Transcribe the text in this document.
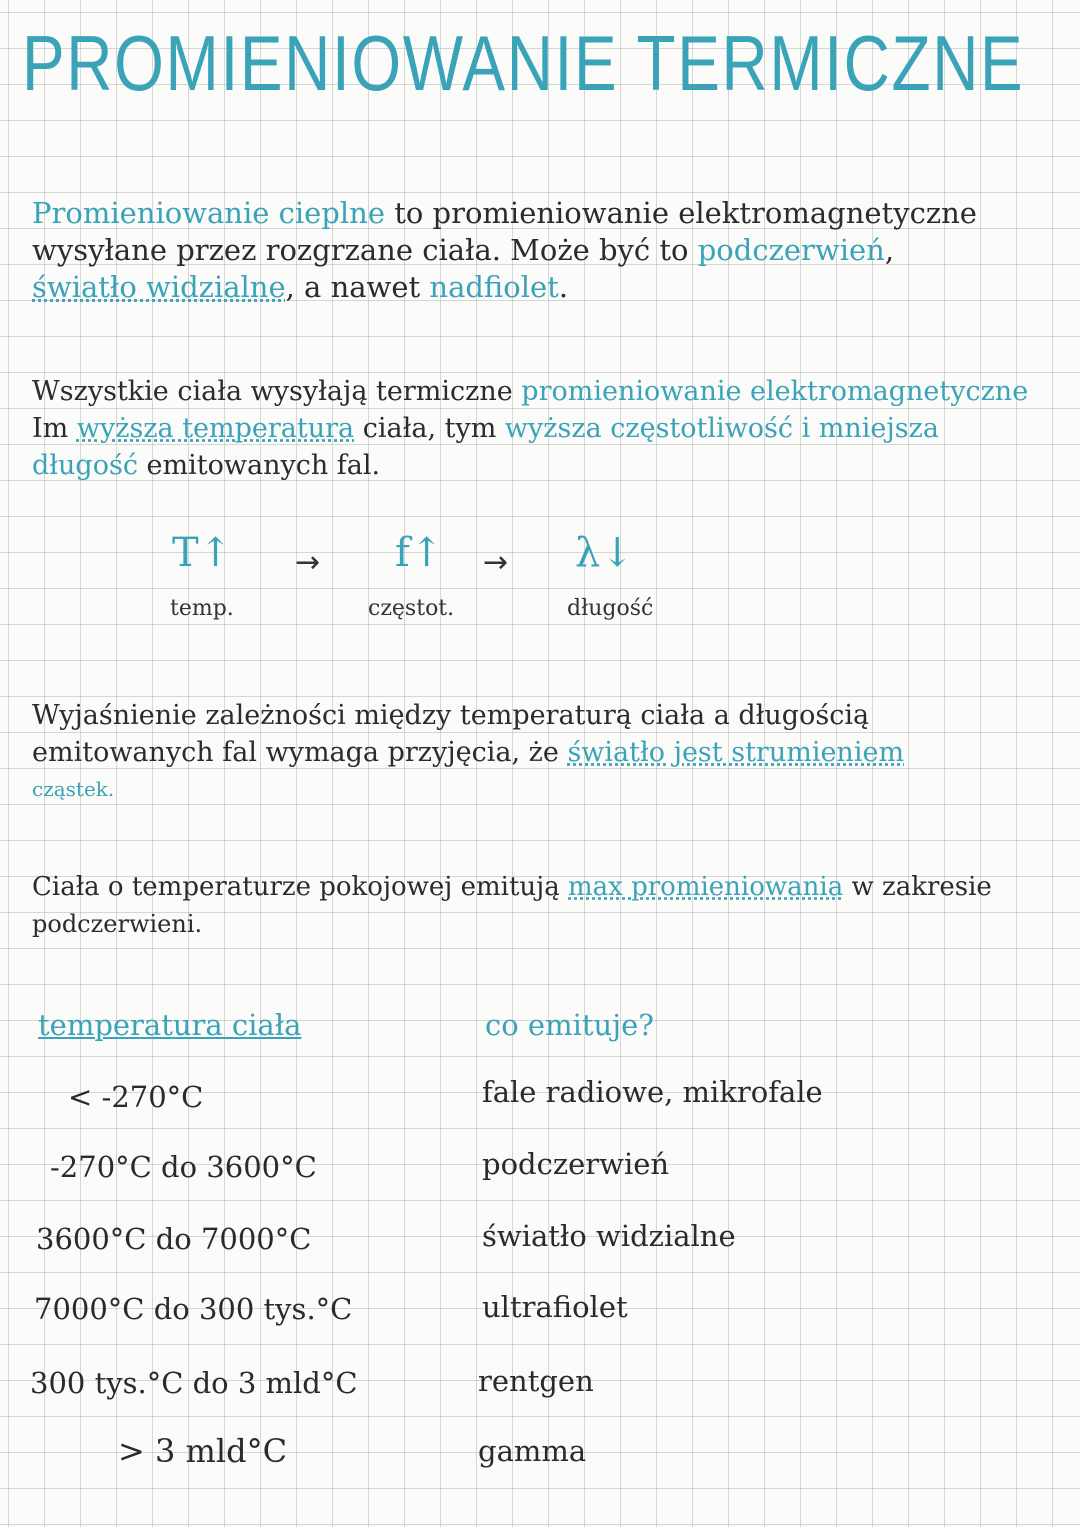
PROMIENIOWANIE TERMICZNE
Promieniowanie cieplne to promieniowanie elektromagnetyczne
wysyłane przez rozgrzane ciała. Może być to podczerwień,
światło widzialne, a nawet nadfiolet.
Wszystkie ciała wysyłają termiczne promieniowanie elektromagnetyczne
Im wyższa temperatura ciała, tym wyższa częstotliwość i mniejsza
długość emitowanych fal.
T↑ → f↑ → λ↓
temp.	częstot.	długość
Wyjaśnienie zależności między temperaturą ciała a długością
emitowanych fal wymaga przyjęcia, że światło jest strumieniem
cząstek.
Ciała o temperaturze pokojowej emitują max promieniowania w zakresie
podczerwieni.
temperatura ciała	co emituje?
< -270°C	fale radiowe, mikrofale
-270°C do 3600°C	podczerwień
3600°C do 7000°C	światło widzialne
7000°C do 300 tys.°C	ultrafiolet
300 tys.°C do 3 mld°C	rentgen
> 3 mld°C	gamma
